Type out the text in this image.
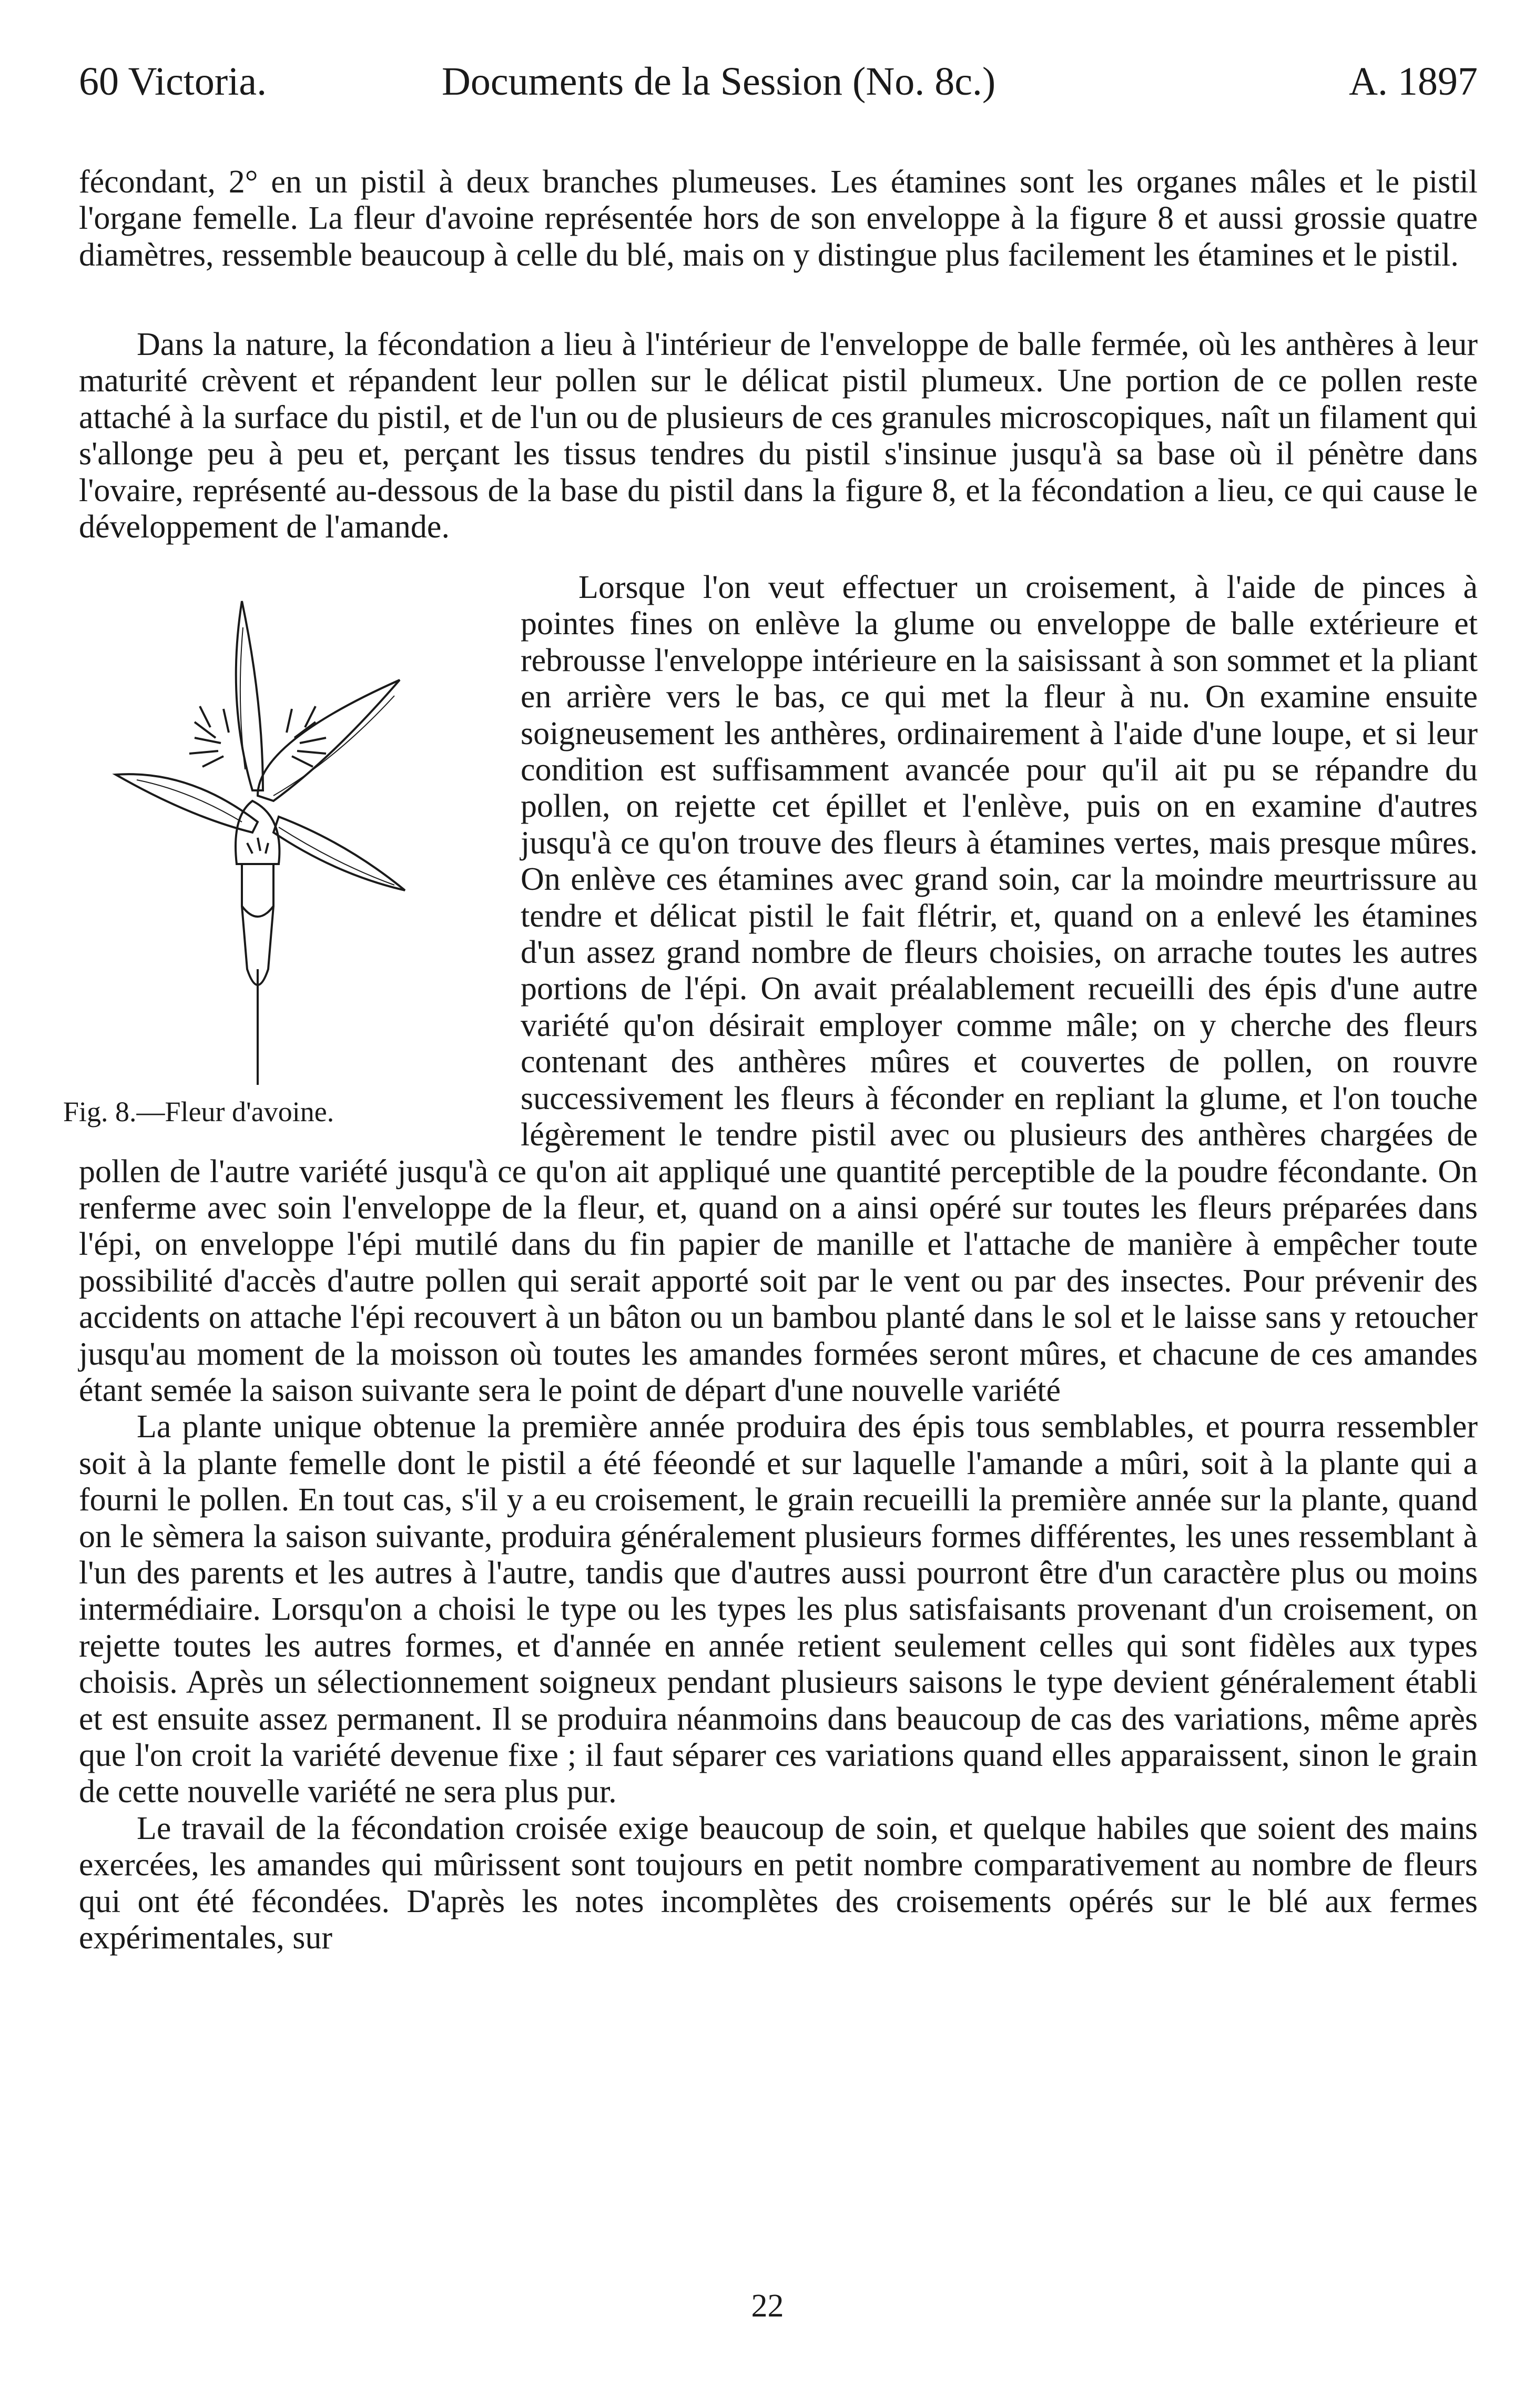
60 Victoria.	Documents de la Session (No. 8c.)	A. 1897

fécondant, 2° en un pistil à deux branches plumeuses. Les étamines sont les organes mâles et le pistil l'organe femelle. La fleur d'avoine représentée hors de son enveloppe à la figure 8 et aussi grossie quatre diamètres, ressemble beaucoup à celle du blé, mais on y distingue plus facilement les étamines et le pistil.

Dans la nature, la fécondation a lieu à l'intérieur de l'enveloppe de balle fermée, où les anthères à leur maturité crèvent et répandent leur pollen sur le délicat pistil plumeux. Une portion de ce pollen reste attaché à la surface du pistil, et de l'un ou de plusieurs de ces granules microscopiques, naît un filament qui s'allonge peu à peu et, perçant les tissus tendres du pistil s'insinue jusqu'à sa base où il pénètre dans l'ovaire, représenté au-dessous de la base du pistil dans la figure 8, et la fécondation a lieu, ce qui cause le développement de l'amande.

Fig. 8.—Fleur d'avoine.

Lorsque l'on veut effectuer un croisement, à l'aide de pinces à pointes fines on enlève la glume ou enveloppe de balle extérieure et rebrousse l'enveloppe intérieure en la saisissant à son sommet et la pliant en arrière vers le bas, ce qui met la fleur à nu. On examine ensuite soigneusement les anthères, ordinairement à l'aide d'une loupe, et si leur condition est suffisamment avancée pour qu'il ait pu se répandre du pollen, on rejette cet épillet et l'enlève, puis on en examine d'autres jusqu'à ce qu'on trouve des fleurs à étamines vertes, mais presque mûres. On enlève ces étamines avec grand soin, car la moindre meurtrissure au tendre et délicat pistil le fait flétrir, et, quand on a enlevé les étamines d'un assez grand nombre de fleurs choisies, on arrache toutes les autres portions de l'épi. On avait préalablement recueilli des épis d'une autre variété qu'on désirait employer comme mâle; on y cherche des fleurs contenant des anthères mûres et couvertes de pollen, on rouvre successivement les fleurs à féconder en repliant la glume, et l'on touche légèrement le tendre pistil avec ou plusieurs des anthères chargées de pollen de l'autre variété jusqu'à ce qu'on ait appliqué une quantité perceptible de la poudre fécondante. On renferme avec soin l'enveloppe de la fleur, et, quand on a ainsi opéré sur toutes les fleurs préparées dans l'épi, on enveloppe l'épi mutilé dans du fin papier de manille et l'attache de manière à empêcher toute possibilité d'accès d'autre pollen qui serait apporté soit par le vent ou par des insectes. Pour prévenir des accidents on attache l'épi recouvert à un bâton ou un bambou planté dans le sol et le laisse sans y retoucher jusqu'au moment de la moisson où toutes les amandes formées seront mûres, et chacune de ces amandes étant semée la saison suivante sera le point de départ d'une nouvelle variété

La plante unique obtenue la première année produira des épis tous semblables, et pourra ressembler soit à la plante femelle dont le pistil a été féeondé et sur laquelle l'amande a mûri, soit à la plante qui a fourni le pollen. En tout cas, s'il y a eu croisement, le grain recueilli la première année sur la plante, quand on le sèmera la saison suivante, produira généralement plusieurs formes différentes, les unes ressemblant à l'un des parents et les autres à l'autre, tandis que d'autres aussi pourront être d'un caractère plus ou moins intermédiaire. Lorsqu'on a choisi le type ou les types les plus satisfaisants provenant d'un croisement, on rejette toutes les autres formes, et d'année en année retient seulement celles qui sont fidèles aux types choisis. Après un sélectionnement soigneux pendant plusieurs saisons le type devient généralement établi et est ensuite assez permanent. Il se produira néanmoins dans beaucoup de cas des variations, même après que l'on croit la variété devenue fixe ; il faut séparer ces variations quand elles apparaissent, sinon le grain de cette nouvelle variété ne sera plus pur.

Le travail de la fécondation croisée exige beaucoup de soin, et quelque habiles que soient des mains exercées, les amandes qui mûrissent sont toujours en petit nombre comparativement au nombre de fleurs qui ont été fécondées. D'après les notes incomplètes des croisements opérés sur le blé aux fermes expérimentales, sur

22
